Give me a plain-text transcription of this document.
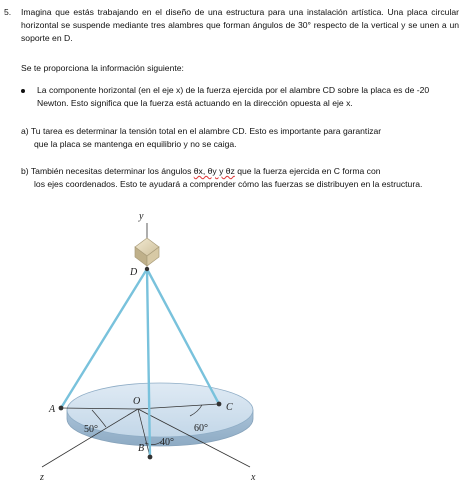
5. Imagina que estás trabajando en el diseño de una estructura para una instalación artística. Una placa circular horizontal se suspende mediante tres alambres que forman ángulos de 30° respecto de la vertical y se unen a un soporte en D.
Se te proporciona la información siguiente:
La componente horizontal (en el eje x) de la fuerza ejercida por el alambre CD sobre la placa es de -20 Newton. Esto significa que la fuerza está actuando en la dirección opuesta al eje x.
a) Tu tarea es determinar la tensión total en el alambre CD. Esto es importante para garantizar
que la placa se mantenga en equilibrio y no se caiga.
b) También necesitas determinar los ángulos θx, θy y θz que la fuerza ejercida en C forma con
los ejes coordenados. Esto te ayudará a comprender cómo las fuerzas se distribuyen en la estructura.
y
D
A	C
B
O
50°	60°
40°
z	x
